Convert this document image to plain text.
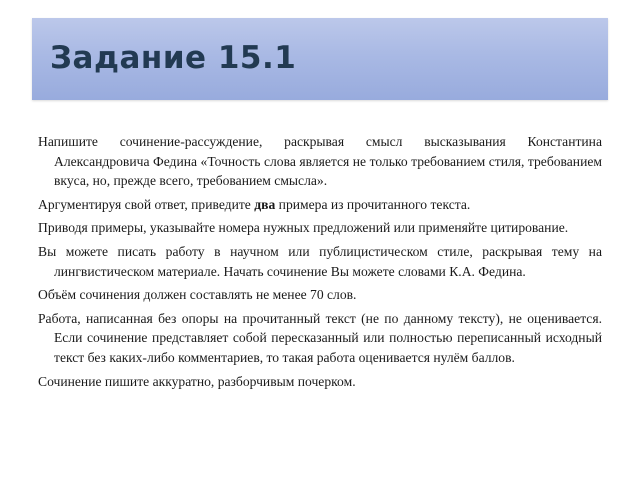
Задание 15.1

Напишите сочинение-рассуждение, раскрывая смысл высказывания Константина Александровича Федина «Точность слова является не только требованием стиля, требованием вкуса, но, прежде всего, требованием смысла».

Аргументируя свой ответ, приведите два примера из прочитанного текста.

Приводя примеры, указывайте номера нужных предложений или применяйте цитирование.

Вы можете писать работу в научном или публицистическом стиле, раскрывая тему на лингвистическом материале. Начать сочинение Вы можете словами К.А. Федина.

Объём сочинения должен составлять не менее 70 слов.

Работа, написанная без опоры на прочитанный текст (не по данному тексту), не оценивается. Если сочинение представляет собой пересказанный или полностью переписанный исходный текст без каких-либо комментариев, то такая работа оценивается нулём баллов.

Сочинение пишите аккуратно, разборчивым почерком.
